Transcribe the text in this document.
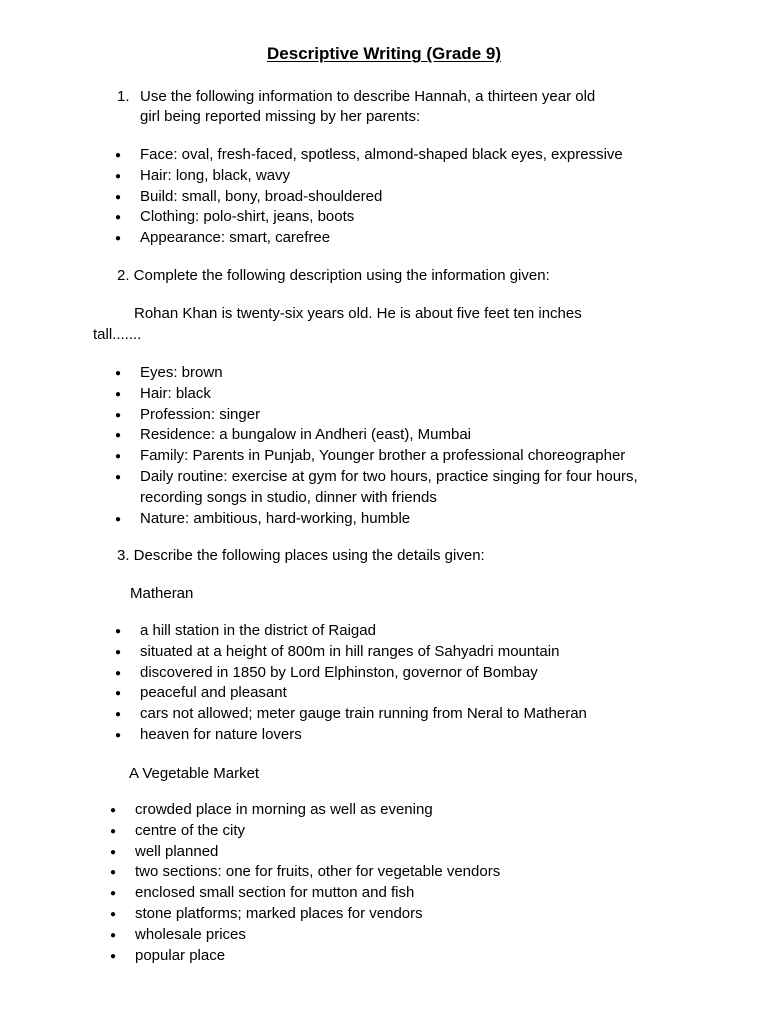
Descriptive Writing (Grade 9)
1. Use the following information to describe Hannah, a thirteen year old
girl being reported missing by her parents:
● Face: oval, fresh-faced, spotless, almond-shaped black eyes, expressive
● Hair: long, black, wavy
● Build: small, bony, broad-shouldered
● Clothing: polo-shirt, jeans, boots
● Appearance: smart, carefree
2. Complete the following description using the information given:
Rohan Khan is twenty-six years old. He is about five feet ten inches
tall.......
● Eyes: brown
● Hair: black
● Profession: singer
● Residence: a bungalow in Andheri (east), Mumbai
● Family: Parents in Punjab, Younger brother a professional choreographer
● Daily routine: exercise at gym for two hours, practice singing for four hours, recording songs in studio, dinner with friends
● Nature: ambitious, hard-working, humble
3. Describe the following places using the details given:
Matheran
● a hill station in the district of Raigad
● situated at a height of 800m in hill ranges of Sahyadri mountain
● discovered in 1850 by Lord Elphinston, governor of Bombay
● peaceful and pleasant
● cars not allowed; meter gauge train running from Neral to Matheran
● heaven for nature lovers
A Vegetable Market
● crowded place in morning as well as evening
● centre of the city
● well planned
● two sections: one for fruits, other for vegetable vendors
● enclosed small section for mutton and fish
● stone platforms; marked places for vendors
● wholesale prices
● popular place
